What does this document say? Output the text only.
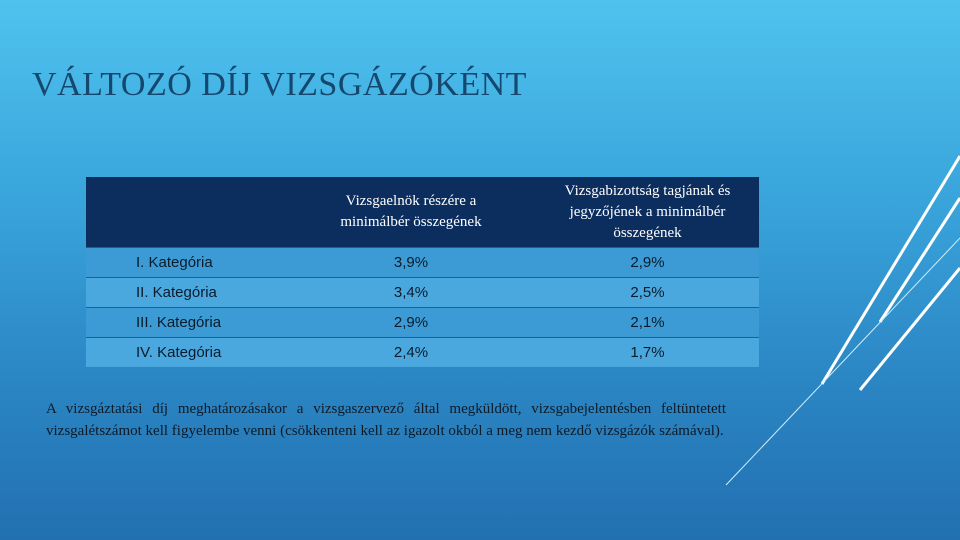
VÁLTOZÓ DÍJ VIZSGÁZÓKÉNT

	Vizsgaelnök részére a minimálbér összegének	Vizsgabizottság tagjának és jegyzőjének a minimálbér összegének

I. Kategória	3,9%	2,9%
II. Kategória	3,4%	2,5%
III. Kategória	2,9%	2,1%
IV. Kategória	2,4%	1,7%

A vizsgáztatási díj meghatározásakor a vizsgaszervező által megküldött, vizsgabejelentésben feltüntetett vizsgalétszámot kell figyelembe venni (csökkenteni kell az igazolt okból a meg nem kezdő vizsgázók számával).
